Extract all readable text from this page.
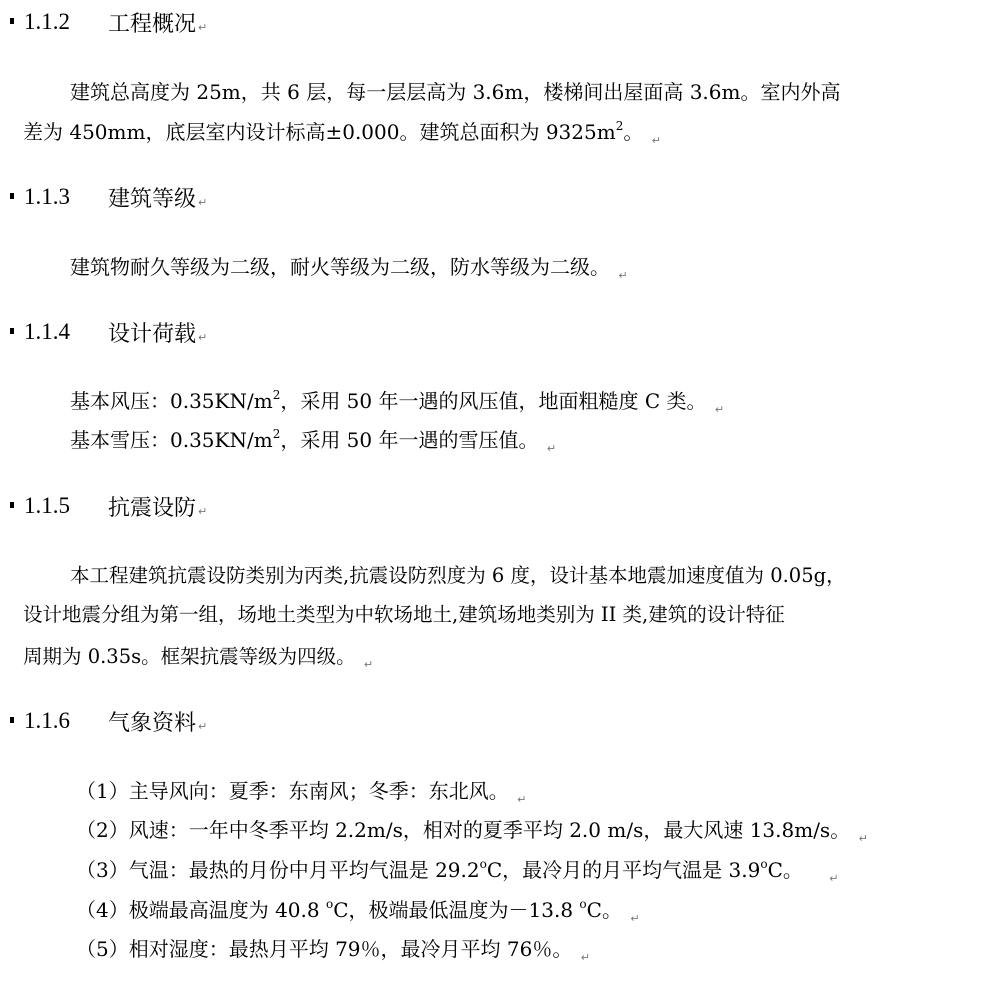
1.1.2	工程概况 ↵
建筑总高度为 25m，共 6 层，每一层层高为 3.6m，楼梯间出屋面高 3.6m。室内外高
差为 450mm，底层室内设计标高±0.000。建筑总面积为 $9325m^2$。 $_↵$
1.1.3	建筑等级 ↵
建筑物耐久等级为二级，耐火等级为二级，防水等级为二级。 $_↵$
1.1.4	设计荷载 ↵
基本风压：$0.35KN/m^2$，采用 50 年一遇的风压值，地面粗糙度 C 类。 $_↵$
基本雪压：$0.35KN/m^2$，采用 50 年一遇的雪压值。 $_↵$
1.1.5	抗震设防 ↵
本工程建筑抗震设防类别为丙类,抗震设防烈度为 6 度，设计基本地震加速度值为 0.05g，
设计地震分组为第一组，场地土类型为中软场地土,建筑场地类别为 II 类,建筑的设计特征
周期为 0.35s。框架抗震等级为四级。 $_↵$
1.1.6	气象资料 ↵
（1）主导风向：夏季：东南风；冬季：东北风。 $_↵$
（2）风速：一年中冬季平均 2.2m/s，相对的夏季平均 2.0 m/s，最大风速 13.8m/s。 $_↵$
（3）气温：最热的月份中月平均气温是 29.2$^o$C，最冷月的月平均气温是 3.9$^o$C。 $_↵$
（4）极端最高温度为 40.8 $^o$C，极端最低温度为－13.8 $^o$C。 $_↵$
（5）相对湿度：最热月平均 79％，最冷月平均 76％。 $_↵$
